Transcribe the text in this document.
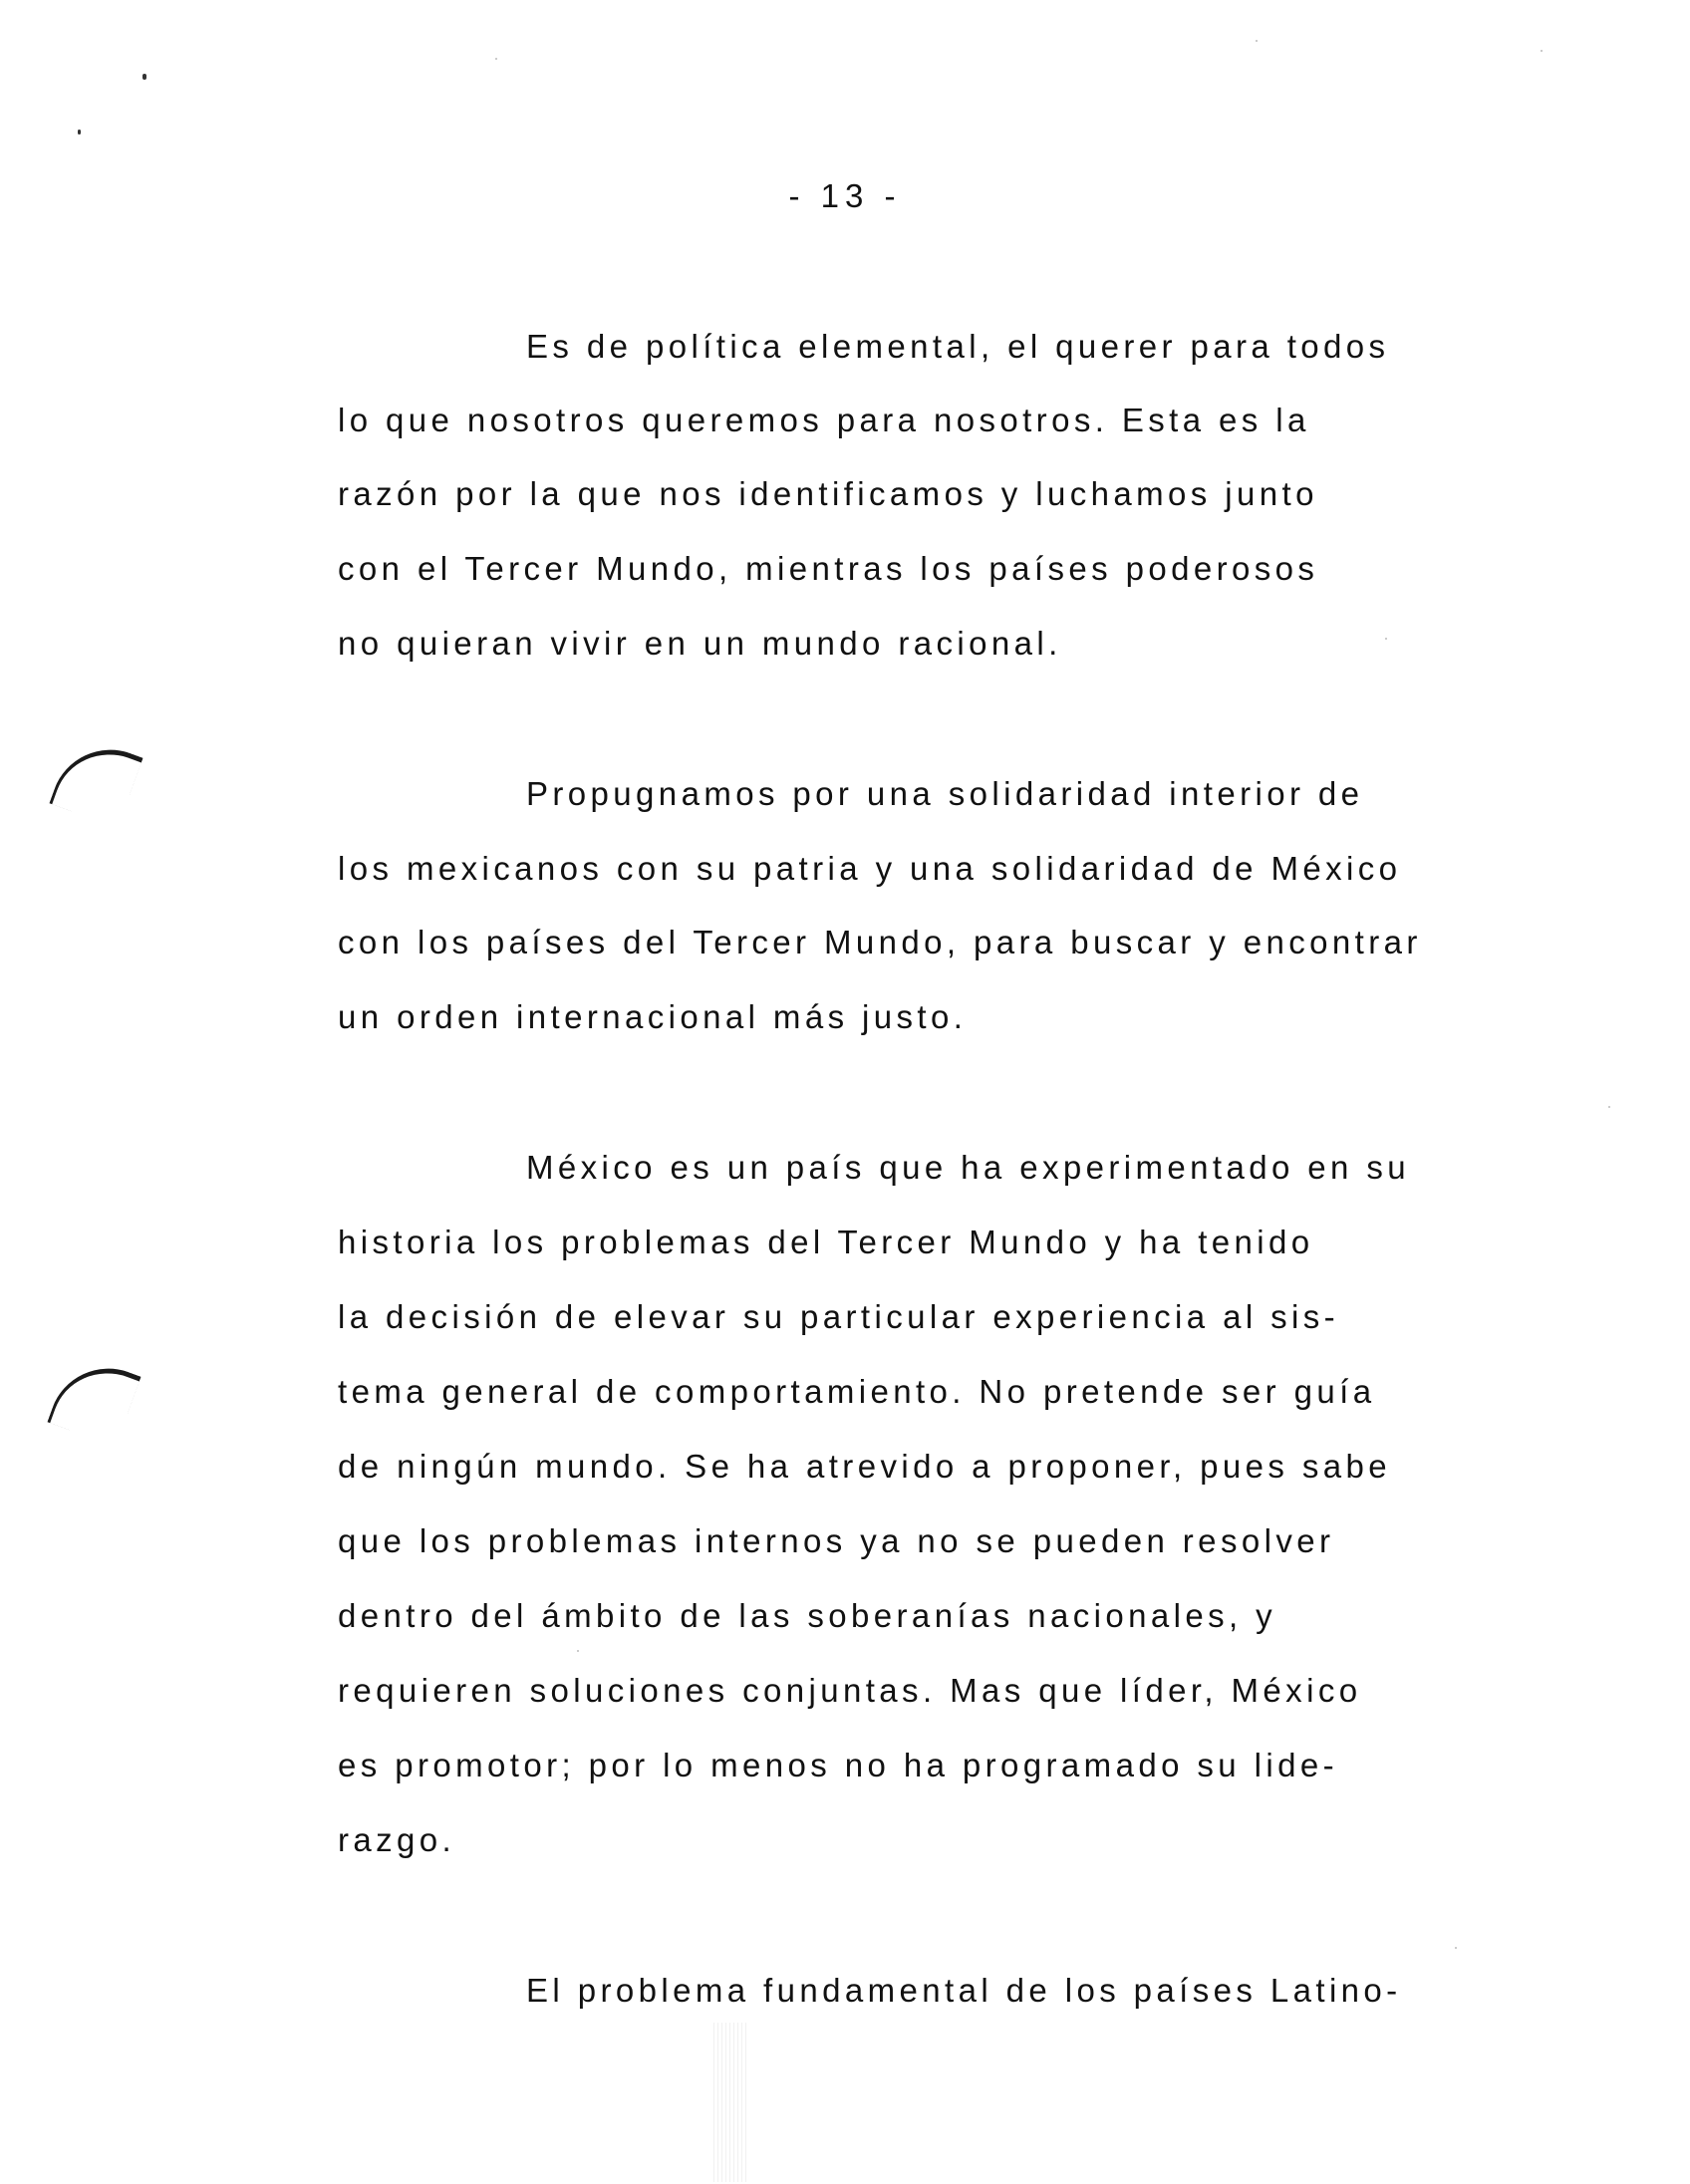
- 13 -
Es de política elemental, el querer para todos
lo que nosotros queremos para nosotros. Esta es la
razón por la que nos identificamos y luchamos junto
con el Tercer Mundo, mientras los países poderosos
no quieran vivir en un mundo racional.
Propugnamos por una solidaridad interior de
los mexicanos con su patria y una solidaridad de México
con los países del Tercer Mundo, para buscar y encontrar
un orden internacional más justo.
México es un país que ha experimentado en su
historia los problemas del Tercer Mundo y ha tenido
la decisión de elevar su particular experiencia al sis-
tema general de comportamiento. No pretende ser guía
de ningún mundo. Se ha atrevido a proponer, pues sabe
que los problemas internos ya no se pueden resolver
dentro del ámbito de las soberanías nacionales, y
requieren soluciones conjuntas. Mas que líder, México
es promotor; por lo menos no ha programado su lide-
razgo.
El problema fundamental de los países Latino-
